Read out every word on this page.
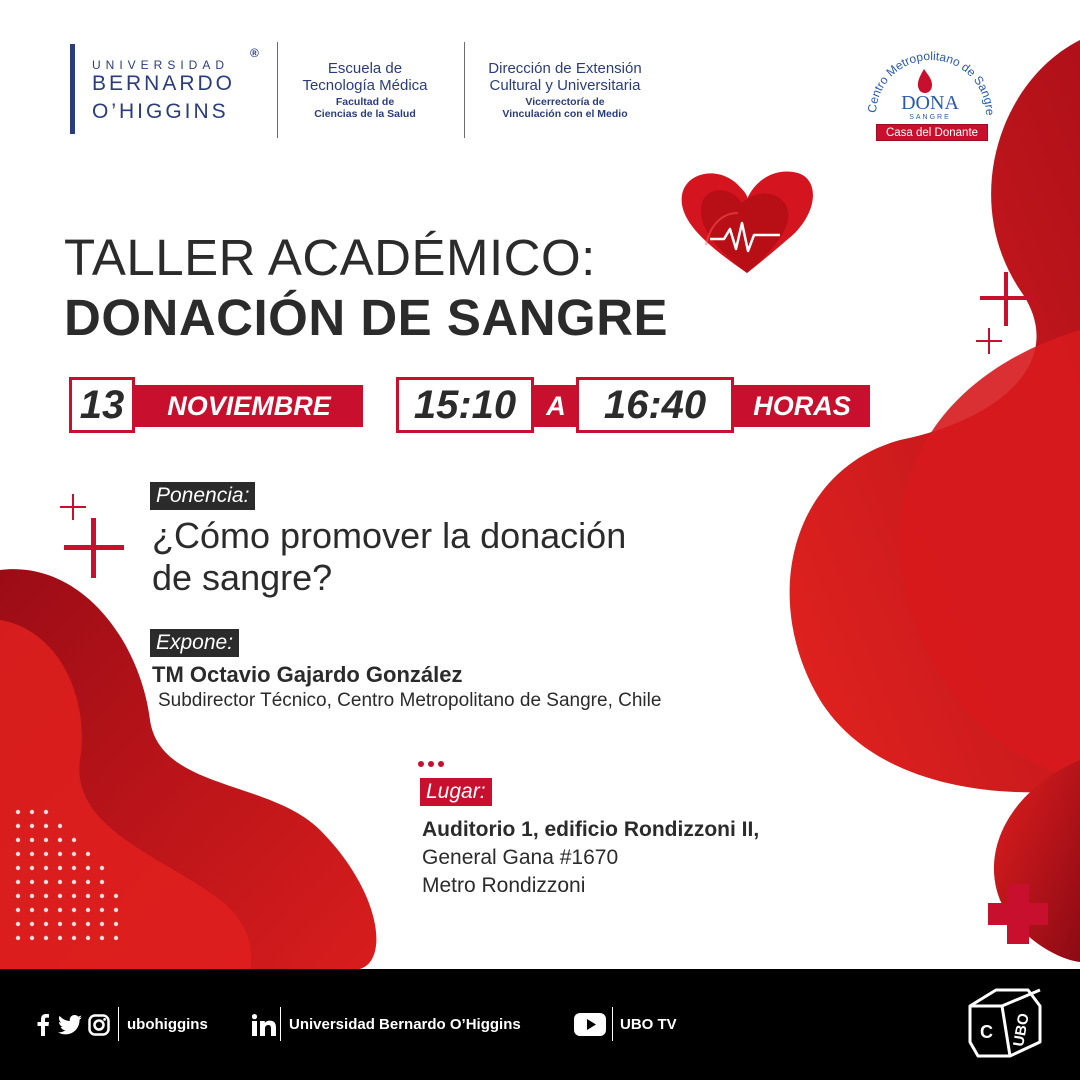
UNIVERSIDAD
BERNARDO
O’HIGGINS
®
Escuela de
Tecnología Médica
Facultad de
Ciencias de la Salud
Dirección de Extensión
Cultural y Universitaria
Vicerrectoría de
Vinculación con el Medio	Centro Metropolitano de Sangre
DONA
SANGRE
Casa del Donante
TALLER ACADÉMICO:
DONACIÓN DE SANGRE
13	NOVIEMBRE	15:10	A 16:40	HORAS
Ponencia:
¿Cómo promover la donación
de sangre?
Expone:
TM Octavio Gajardo González
Subdirector Técnico, Centro Metropolitano de Sangre, Chile
Lugar:
Auditorio 1, edificio Rondizzoni II,
General Gana #1670
Metro Rondizzoni
ubohiggins	Universidad Bernardo O’Higgins	UBO TV	C UBO
